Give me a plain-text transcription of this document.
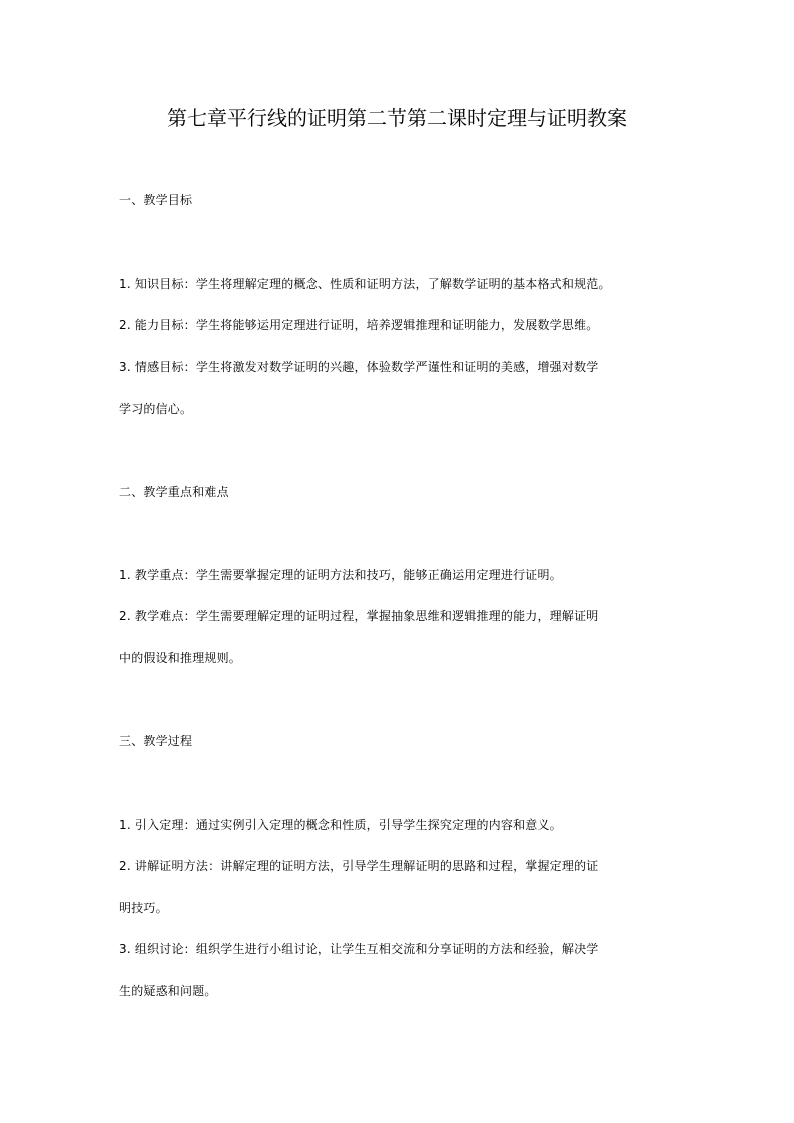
第七章平行线的证明第二节第二课时定理与证明教案

一、教学目标

1. 知识目标：学生将理解定理的概念、性质和证明方法，了解数学证明的基本格式和规范。

2. 能力目标：学生将能够运用定理进行证明，培养逻辑推理和证明能力，发展数学思维。

3. 情感目标：学生将激发对数学证明的兴趣，体验数学严谨性和证明的美感，增强对数学

学习的信心。

二、教学重点和难点

1. 教学重点：学生需要掌握定理的证明方法和技巧，能够正确运用定理进行证明。

2. 教学难点：学生需要理解定理的证明过程，掌握抽象思维和逻辑推理的能力，理解证明

中的假设和推理规则。

三、教学过程

1. 引入定理：通过实例引入定理的概念和性质，引导学生探究定理的内容和意义。

2. 讲解证明方法：讲解定理的证明方法，引导学生理解证明的思路和过程，掌握定理的证

明技巧。

3. 组织讨论：组织学生进行小组讨论，让学生互相交流和分享证明的方法和经验，解决学

生的疑惑和问题。
